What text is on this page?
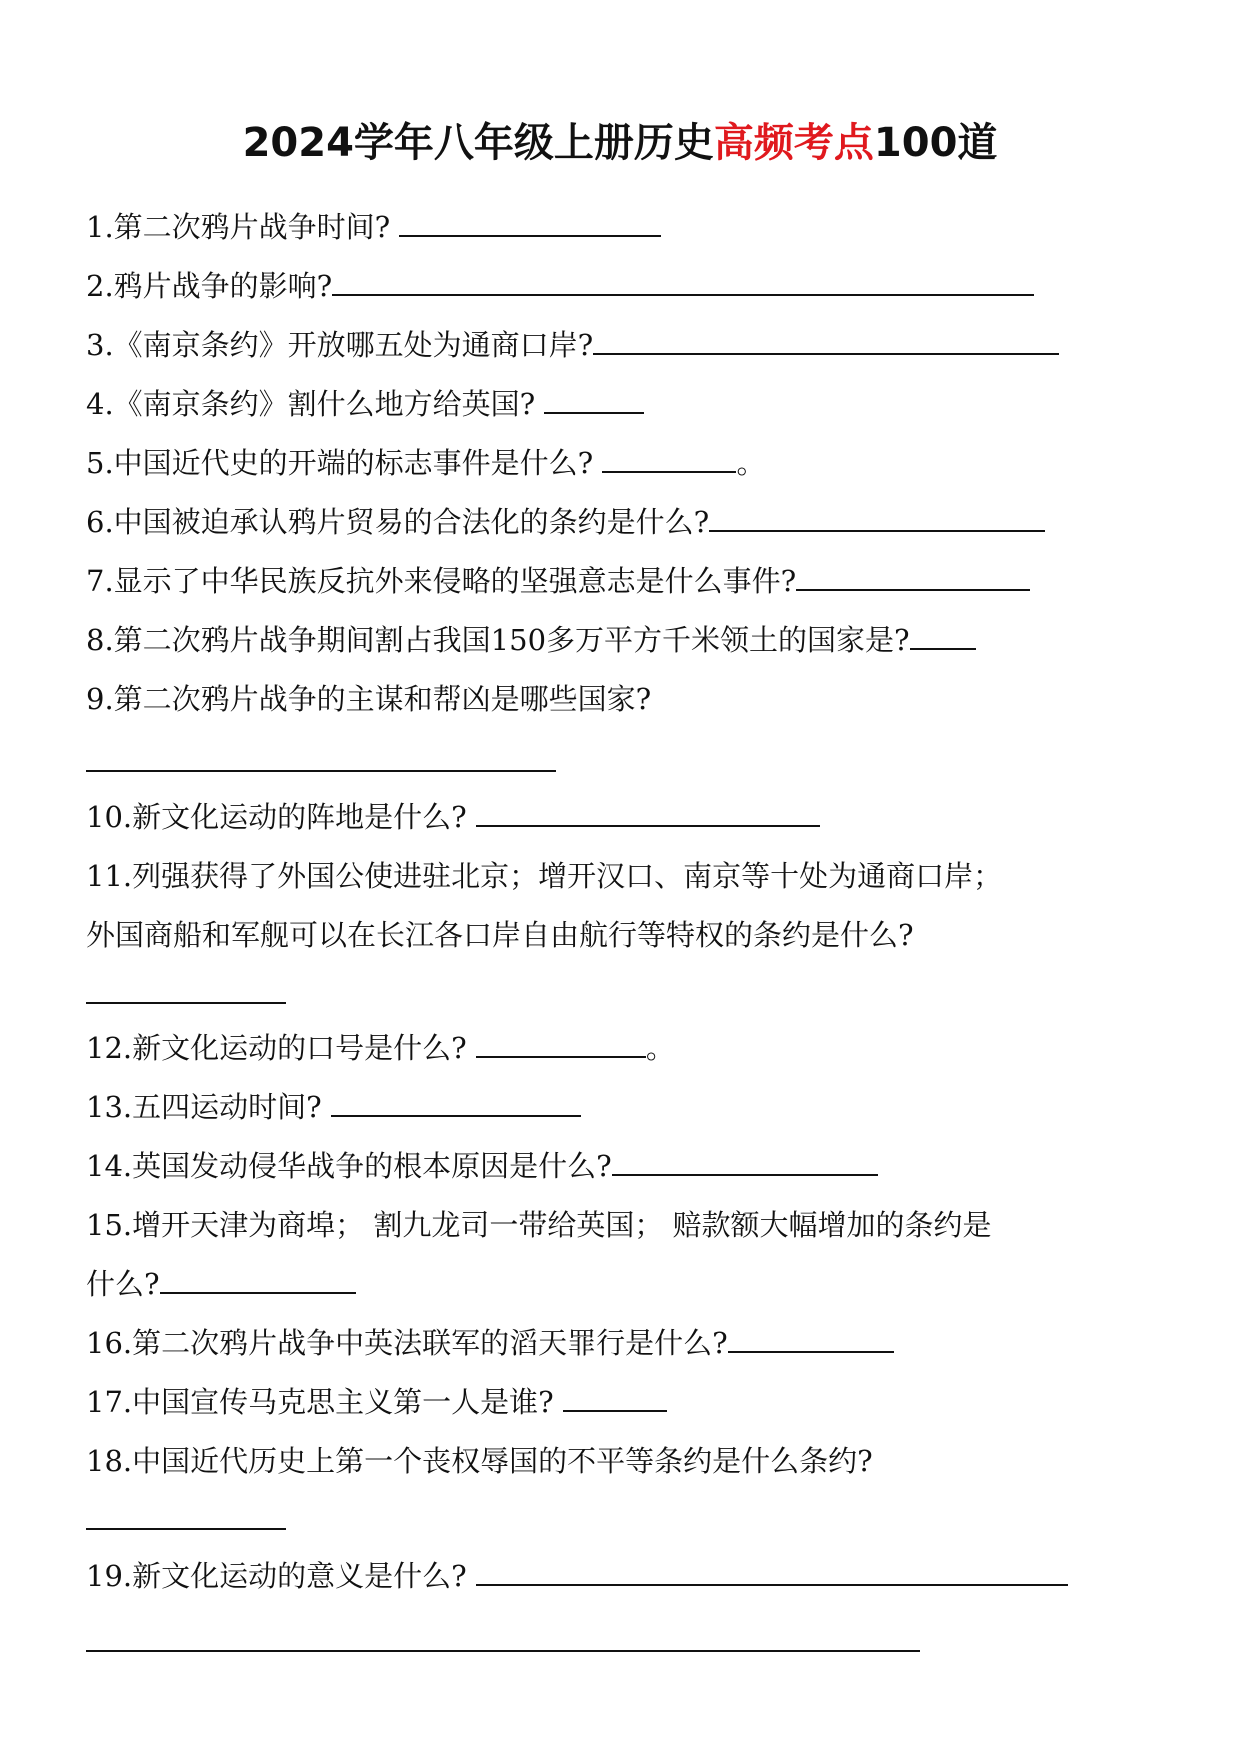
2024学年八年级上册历史高频考点100道
1.第二次鸦片战争时间?
2.鸦片战争的影响?
3.《南京条约》开放哪五处为通商口岸?
4.《南京条约》割什么地方给英国?
5.中国近代史的开端的标志事件是什么?	。
6.中国被迫承认鸦片贸易的合法化的条约是什么?
7.显示了中华民族反抗外来侵略的坚强意志是什么事件?
8.第二次鸦片战争期间割占我国150多万平方千米领土的国家是?
9.第二次鸦片战争的主谋和帮凶是哪些国家?
10.新文化运动的阵地是什么?
11.列强获得了外国公使进驻北京；增开汉口、南京等十处为通商口岸；
外国商船和军舰可以在长江各口岸自由航行等特权的条约是什么?
12.新文化运动的口号是什么?	。
13.五四运动时间?
14.英国发动侵华战争的根本原因是什么?
15.增开天津为商埠； 割九龙司一带给英国； 赔款额大幅增加的条约是
什么?
16.第二次鸦片战争中英法联军的滔天罪行是什么?
17.中国宣传马克思主义第一人是谁?
18.中国近代历史上第一个丧权辱国的不平等条约是什么条约?
19.新文化运动的意义是什么?
